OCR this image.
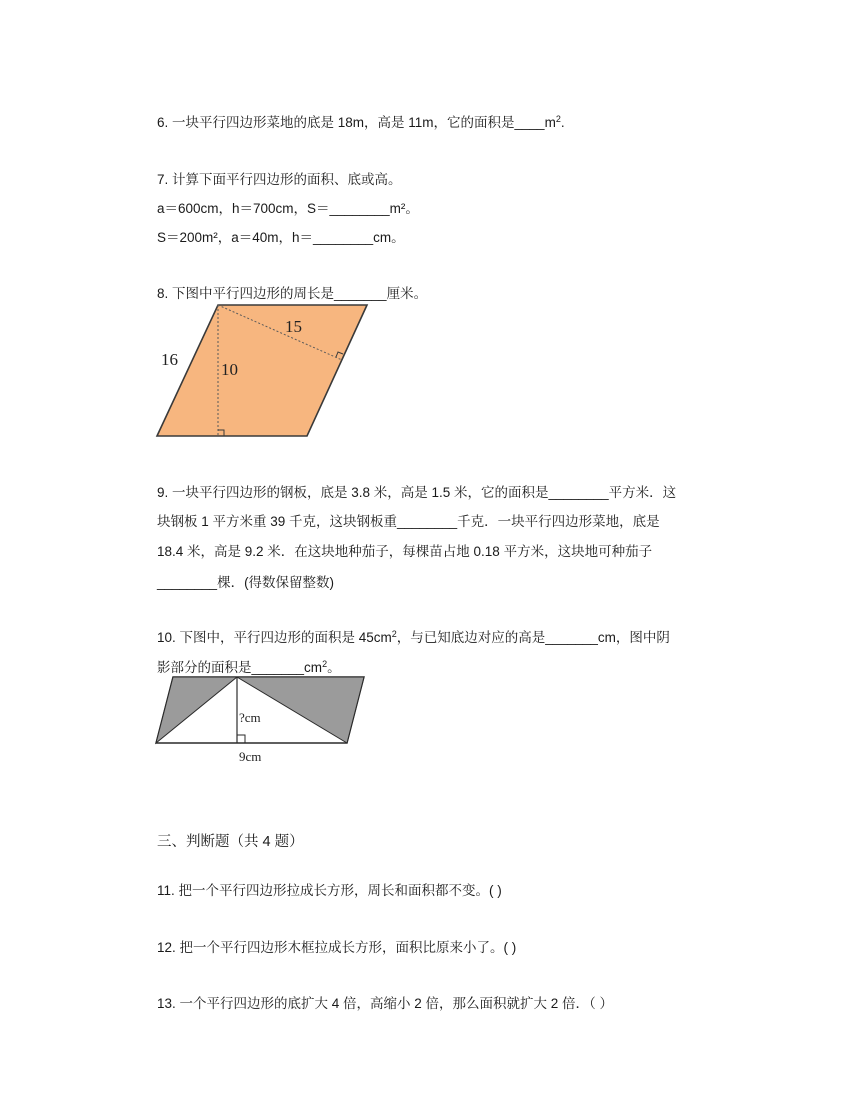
6. 一块平行四边形菜地的底是 18m，高是 11m，它的面积是$\_\_\_\_m^2$.
7. 计算下面平行四边形的面积、底或高。
a＝600cm，h＝700cm，S＝________m²。
S＝200m²，a＝40m，h＝________cm。
8. 下图中平行四边形的周长是_______厘米。
16
10
15
9. 一块平行四边形的钢板，底是 3.8 米，高是 1.5 米，它的面积是________平方米．这
块钢板 1 平方米重 39 千克，这块钢板重________千克．一块平行四边形菜地，底是
18.4 米，高是 9.2 米．在这块地种茄子，每棵苗占地 0.18 平方米，这块地可种茄子
________棵．(得数保留整数)
10. 下图中，平行四边形的面积是 $45cm^2$，与已知底边对应的高是_______cm，图中阴
影部分的面积是$\_\_\_\_\_\_\_cm^2$。
?cm
9cm
三、判断题（共 4 题）
11. 把一个平行四边形拉成长方形，周长和面积都不变。( )
12. 把一个平行四边形木框拉成长方形，面积比原来小了。( )
13. 一个平行四边形的底扩大 4 倍，高缩小 2 倍，那么面积就扩大 2 倍．（ ）
